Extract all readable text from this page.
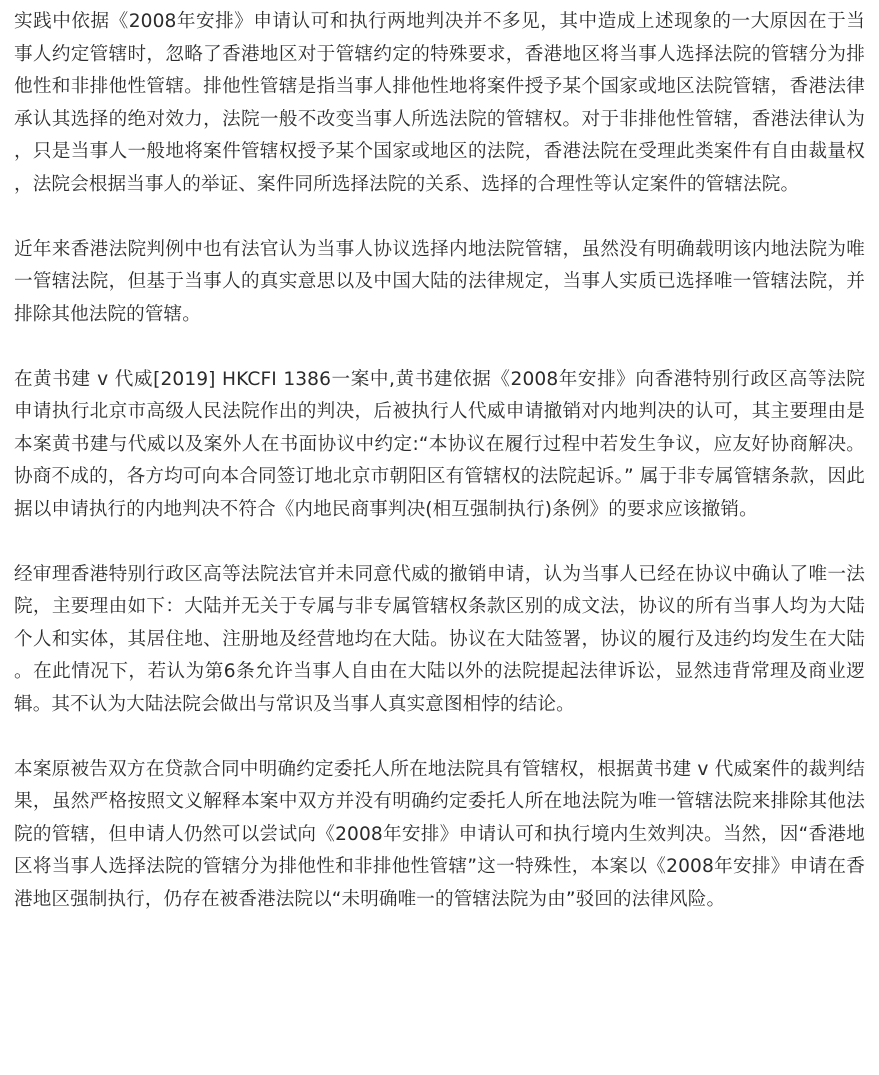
实践中依据《2008年安排》申请认可和执行两地判决并不多见，其中造成上述现象的一大原因在于当事人约定管辖时，忽略了香港地区对于管辖约定的特殊要求，香港地区将当事人选择法院的管辖分为排他性和非排他性管辖。排他性管辖是指当事人排他性地将案件授予某个国家或地区法院管辖，香港法律承认其选择的绝对效力，法院一般不改变当事人所选法院的管辖权。对于非排他性管辖，香港法律认为，只是当事人一般地将案件管辖权授予某个国家或地区的法院，香港法院在受理此类案件有自由裁量权，法院会根据当事人的举证、案件同所选择法院的关系、选择的合理性等认定案件的管辖法院。

近年来香港法院判例中也有法官认为当事人协议选择内地法院管辖，虽然没有明确载明该内地法院为唯一管辖法院，但基于当事人的真实意思以及中国大陆的法律规定，当事人实质已选择唯一管辖法院，并排除其他法院的管辖。

在黄书建 v 代威[2019] HKCFI 1386一案中,黄书建依据《2008年安排》向香港特别行政区高等法院申请执行北京市高级人民法院作出的判决，后被执行人代威申请撤销对内地判决的认可，其主要理由是本案黄书建与代威以及案外人在书面协议中约定:“本协议在履行过程中若发生争议，应友好协商解决。协商不成的，各方均可向本合同签订地北京市朝阳区有管辖权的法院起诉。” 属于非专属管辖条款，因此据以申请执行的内地判决不符合《内地民商事判决(相互强制执行)条例》的要求应该撤销。

经审理香港特别行政区高等法院法官并未同意代威的撤销申请，认为当事人已经在协议中确认了唯一法院，主要理由如下：大陆并无关于专属与非专属管辖权条款区别的成文法，协议的所有当事人均为大陆个人和实体，其居住地、注册地及经营地均在大陆。协议在大陆签署，协议的履行及违约均发生在大陆。在此情况下，若认为第6条允许当事人自由在大陆以外的法院提起法律诉讼，显然违背常理及商业逻辑。其不认为大陆法院会做出与常识及当事人真实意图相悖的结论。

本案原被告双方在贷款合同中明确约定委托人所在地法院具有管辖权，根据黄书建 v 代威案件的裁判结果，虽然严格按照文义解释本案中双方并没有明确约定委托人所在地法院为唯一管辖法院来排除其他法院的管辖，但申请人仍然可以尝试向《2008年安排》申请认可和执行境内生效判决。当然，因“香港地区将当事人选择法院的管辖分为排他性和非排他性管辖”这一特殊性，本案以《2008年安排》申请在香港地区强制执行，仍存在被香港法院以“未明确唯一的管辖法院为由”驳回的法律风险。
